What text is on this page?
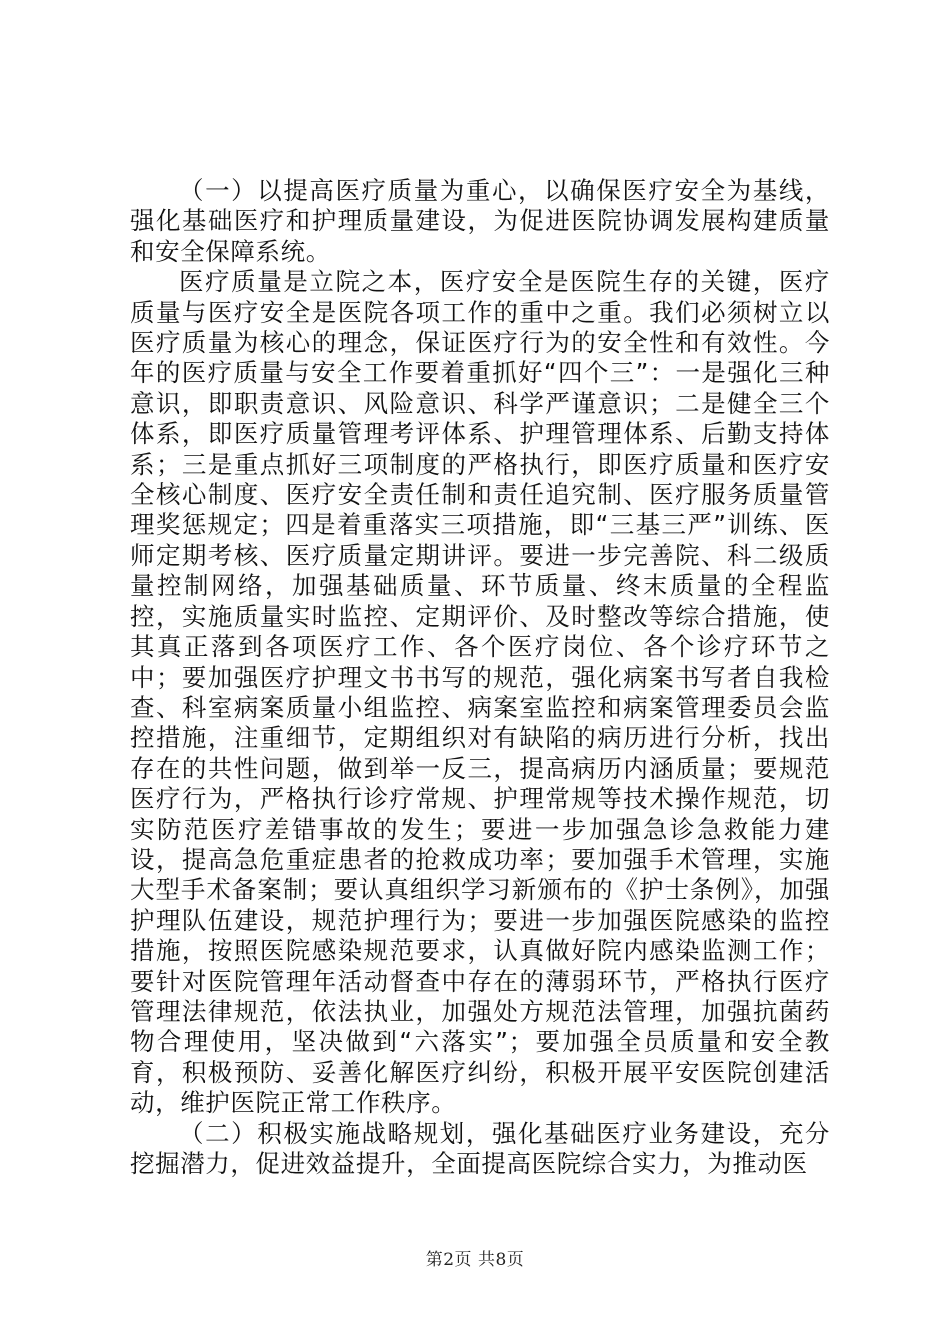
（一）以提高医疗质量为重心，以确保医疗安全为基线，强化基础医疗和护理质量建设，为促进医院协调发展构建质量和安全保障系统。

医疗质量是立院之本，医疗安全是医院生存的关键，医疗质量与医疗安全是医院各项工作的重中之重。我们必须树立以医疗质量为核心的理念，保证医疗行为的安全性和有效性。今年的医疗质量与安全工作要着重抓好“四个三”：一是强化三种意识，即职责意识、风险意识、科学严谨意识；二是健全三个体系，即医疗质量管理考评体系、护理管理体系、后勤支持体系；三是重点抓好三项制度的严格执行，即医疗质量和医疗安全核心制度、医疗安全责任制和责任追究制、医疗服务质量管理奖惩规定；四是着重落实三项措施，即“三基三严”训练、医师定期考核、医疗质量定期讲评。要进一步完善院、科二级质量控制网络，加强基础质量、环节质量、终末质量的全程监控，实施质量实时监控、定期评价、及时整改等综合措施，使其真正落到各项医疗工作、各个医疗岗位、各个诊疗环节之中；要加强医疗护理文书书写的规范，强化病案书写者自我检查、科室病案质量小组监控、病案室监控和病案管理委员会监控措施，注重细节，定期组织对有缺陷的病历进行分析，找出存在的共性问题，做到举一反三，提高病历内涵质量；要规范医疗行为，严格执行诊疗常规、护理常规等技术操作规范，切实防范医疗差错事故的发生；要进一步加强急诊急救能力建设，提高急危重症患者的抢救成功率；要加强手术管理，实施大型手术备案制；要认真组织学习新颁布的《护士条例》，加强护理队伍建设，规范护理行为；要进一步加强医院感染的监控措施，按照医院感染规范要求，认真做好院内感染监测工作；要针对医院管理年活动督查中存在的薄弱环节，严格执行医疗管理法律规范，依法执业，加强处方规范法管理，加强抗菌药物合理使用，坚决做到“六落实”；要加强全员质量和安全教育，积极预防、妥善化解医疗纠纷，积极开展平安医院创建活动，维护医院正常工作秩序。

（二）积极实施战略规划，强化基础医疗业务建设，充分挖掘潜力，促进效益提升，全面提高医院综合实力，为推动医

第2页 共8页
